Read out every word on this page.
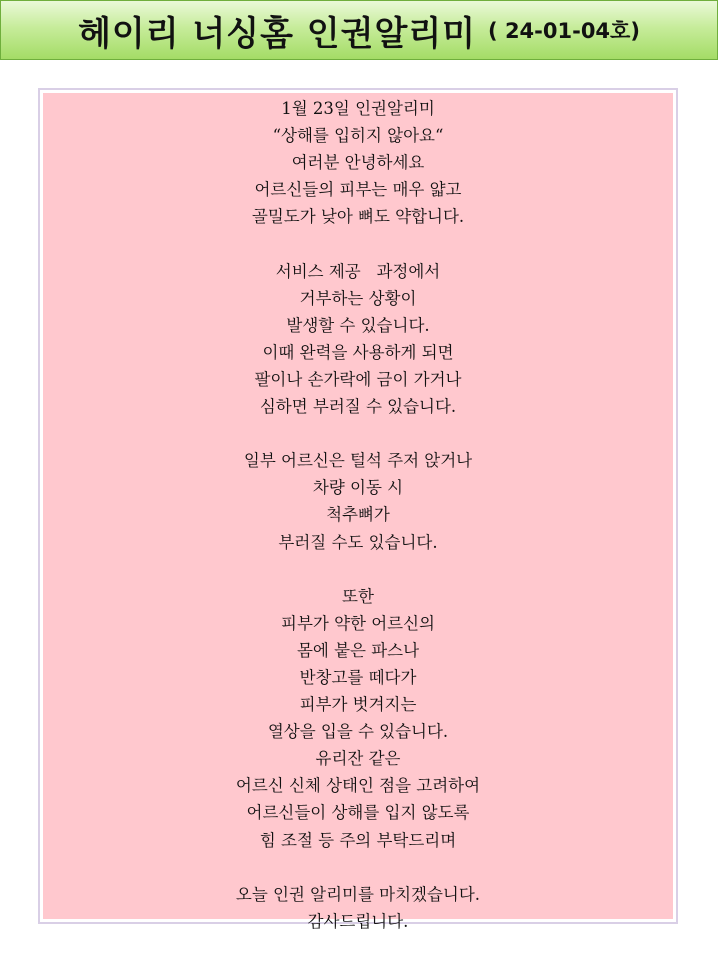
헤이리 너싱홈 인권알리미 ( 24-01-04호)
1월 23일 인권알리미
“상해를 입히지 않아요“
여러분 안녕하세요
어르신들의 피부는 매우 얇고
골밀도가 낮아 뼈도 약합니다.
서비스 제공   과정에서
거부하는 상황이
발생할 수 있습니다.
이때 완력을 사용하게 되면
팔이나 손가락에 금이 가거나
심하면 부러질 수 있습니다.
일부 어르신은 털석 주저 앉거나
차량 이동 시
척추뼈가
부러질 수도 있습니다.
또한
피부가 약한 어르신의
몸에 붙은 파스나
반창고를 떼다가
피부가 벗겨지는
열상을 입을 수 있습니다.
유리잔 같은
어르신 신체 상태인 점을 고려하여
어르신들이 상해를 입지 않도록
힘 조절 등 주의 부탁드리며
오늘 인권 알리미를 마치겠습니다.
감사드립니다.
